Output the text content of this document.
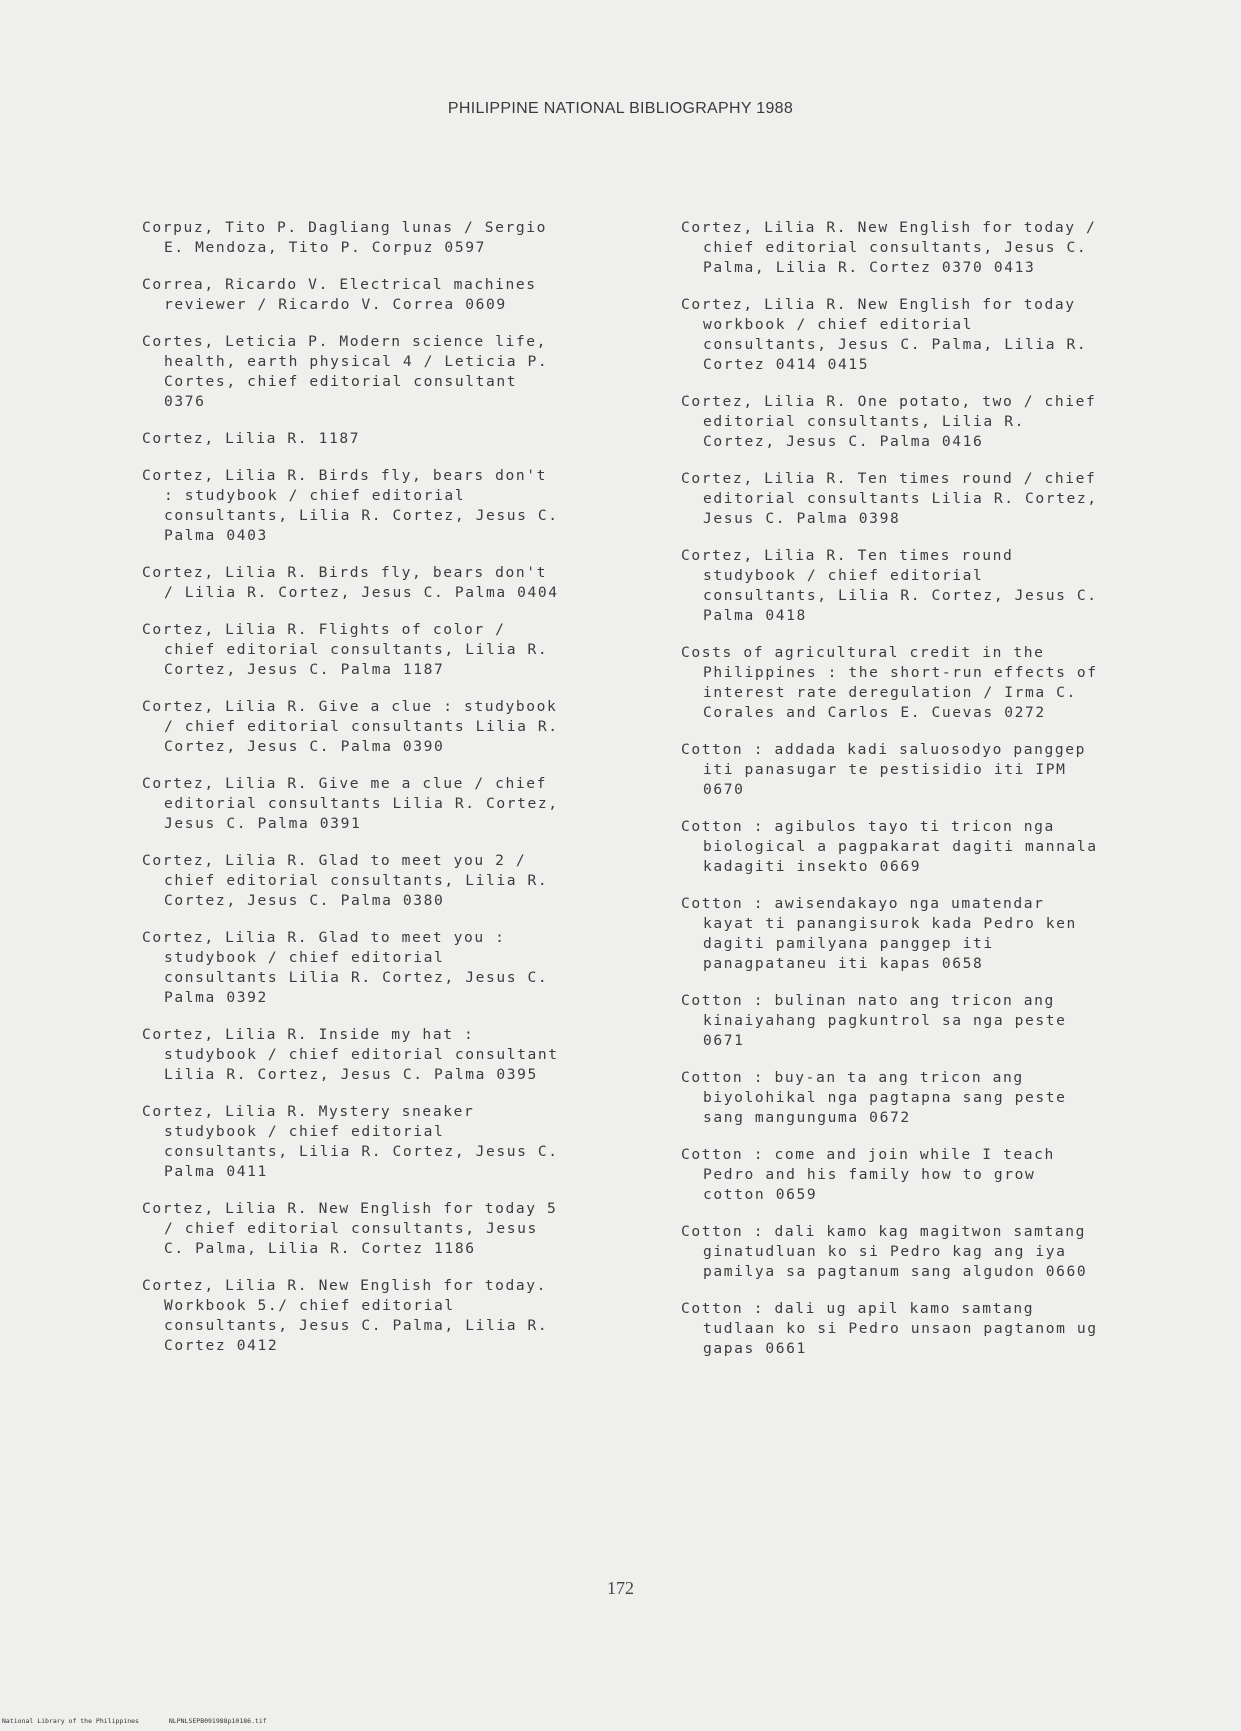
PHILIPPINE NATIONAL BIBLIOGRAPHY 1988

Corpuz, Tito P. Dagliang lunas / Sergio
E. Mendoza, Tito P. Corpuz 0597

Correa, Ricardo V. Electrical machines
reviewer / Ricardo V. Correa 0609

Cortes, Leticia P. Modern science life,
health, earth physical 4 / Leticia P.
Cortes, chief editorial consultant
0376

Cortez, Lilia R. 1187

Cortez, Lilia R. Birds fly, bears don't
: studybook / chief editorial
consultants, Lilia R. Cortez, Jesus C.
Palma 0403

Cortez, Lilia R. Birds fly, bears don't
/ Lilia R. Cortez, Jesus C. Palma 0404

Cortez, Lilia R. Flights of color /
chief editorial consultants, Lilia R.
Cortez, Jesus C. Palma 1187

Cortez, Lilia R. Give a clue : studybook
/ chief editorial consultants Lilia R.
Cortez, Jesus C. Palma 0390

Cortez, Lilia R. Give me a clue / chief
editorial consultants Lilia R. Cortez,
Jesus C. Palma 0391

Cortez, Lilia R. Glad to meet you 2 /
chief editorial consultants, Lilia R.
Cortez, Jesus C. Palma 0380

Cortez, Lilia R. Glad to meet you :
studybook / chief editorial
consultants Lilia R. Cortez, Jesus C.
Palma 0392

Cortez, Lilia R. Inside my hat :
studybook / chief editorial consultant
Lilia R. Cortez, Jesus C. Palma 0395

Cortez, Lilia R. Mystery sneaker
studybook / chief editorial
consultants, Lilia R. Cortez, Jesus C.
Palma 0411

Cortez, Lilia R. New English for today 5
/ chief editorial consultants, Jesus
C. Palma, Lilia R. Cortez 1186

Cortez, Lilia R. New English for today.
Workbook 5./ chief editorial
consultants, Jesus C. Palma, Lilia R.
Cortez 0412

Cortez, Lilia R. New English for today /
chief editorial consultants, Jesus C.
Palma, Lilia R. Cortez 0370 0413

Cortez, Lilia R. New English for today
workbook / chief editorial
consultants, Jesus C. Palma, Lilia R.
Cortez 0414 0415

Cortez, Lilia R. One potato, two / chief
editorial consultants, Lilia R.
Cortez, Jesus C. Palma 0416

Cortez, Lilia R. Ten times round / chief
editorial consultants Lilia R. Cortez,
Jesus C. Palma 0398

Cortez, Lilia R. Ten times round
studybook / chief editorial
consultants, Lilia R. Cortez, Jesus C.
Palma 0418

Costs of agricultural credit in the
Philippines : the short-run effects of
interest rate deregulation / Irma C.
Corales and Carlos E. Cuevas 0272

Cotton : addada kadi saluosodyo panggep
iti panasugar te pestisidio iti IPM
0670

Cotton : agibulos tayo ti tricon nga
biological a pagpakarat dagiti mannala
kadagiti insekto 0669

Cotton : awisendakayo nga umatendar
kayat ti panangisurok kada Pedro ken
dagiti pamilyana panggep iti
panagpataneu iti kapas 0658

Cotton : bulinan nato ang tricon ang
kinaiyahang pagkuntrol sa nga peste
0671

Cotton : buy-an ta ang tricon ang
biyolohikal nga pagtapna sang peste
sang mangunguma 0672

Cotton : come and join while I teach
Pedro and his family how to grow
cotton 0659

Cotton : dali kamo kag magitwon samtang
ginatudluan ko si Pedro kag ang iya
pamilya sa pagtanum sang algudon 0660

Cotton : dali ug apil kamo samtang
tudlaan ko si Pedro unsaon pagtanom ug
gapas 0661

172
National Library of the Philippines	NLPNLSEPB091988p10186.tif
